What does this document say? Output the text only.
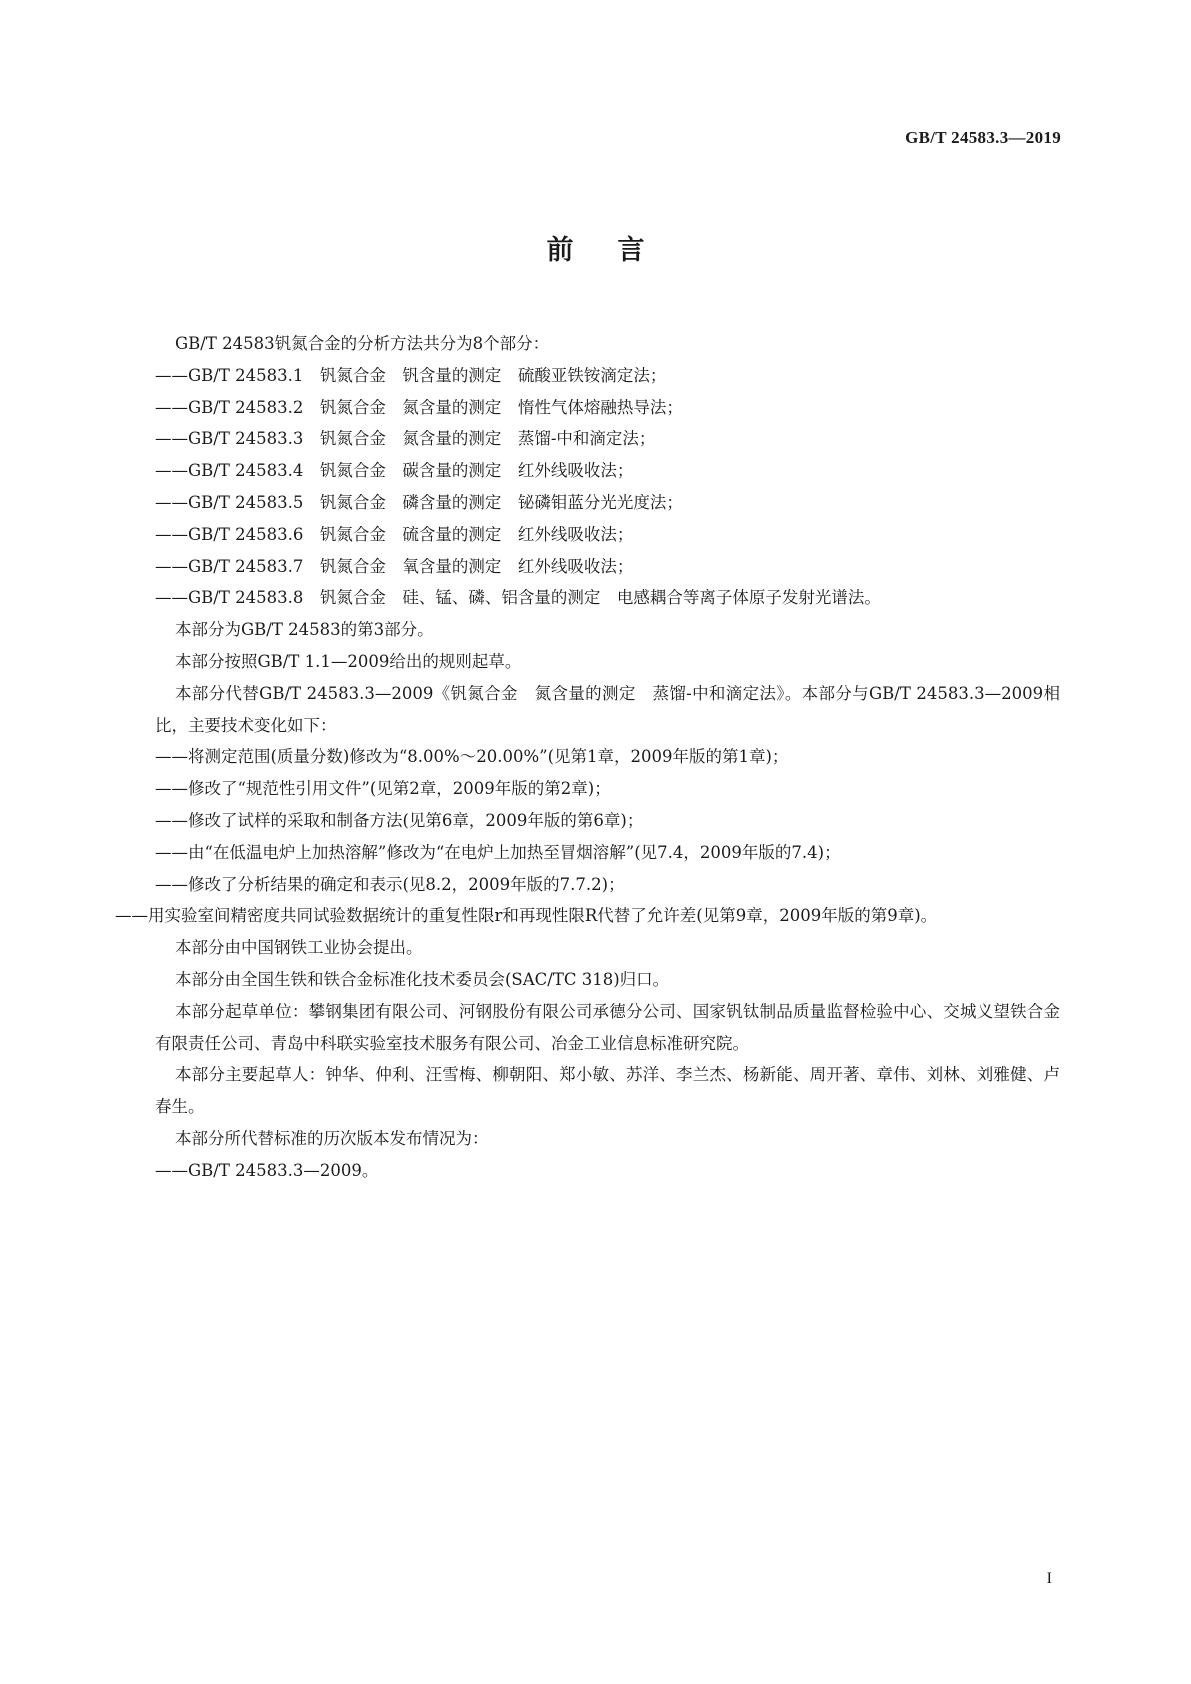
GB/T 24583.3—2019
前言

GB/T 24583钒氮合金的分析方法共分为8个部分：

——GB/T 24583.1　钒氮合金　钒含量的测定　硫酸亚铁铵滴定法；

——GB/T 24583.2　钒氮合金　氮含量的测定　惰性气体熔融热导法；

——GB/T 24583.3　钒氮合金　氮含量的测定　蒸馏-中和滴定法；

——GB/T 24583.4　钒氮合金　碳含量的测定　红外线吸收法；

——GB/T 24583.5　钒氮合金　磷含量的测定　铋磷钼蓝分光光度法；

——GB/T 24583.6　钒氮合金　硫含量的测定　红外线吸收法；

——GB/T 24583.7　钒氮合金　氧含量的测定　红外线吸收法；

——GB/T 24583.8　钒氮合金　硅、锰、磷、铝含量的测定　电感耦合等离子体原子发射光谱法。

本部分为GB/T 24583的第3部分。

本部分按照GB/T 1.1—2009给出的规则起草。

本部分代替GB/T 24583.3—2009《钒氮合金　氮含量的测定　蒸馏-中和滴定法》。本部分与GB/T 24583.3—2009相比，主要技术变化如下：

——将测定范围(质量分数)修改为“8.00%～20.00%”(见第1章，2009年版的第1章)；

——修改了“规范性引用文件”(见第2章，2009年版的第2章)；

——修改了试样的采取和制备方法(见第6章，2009年版的第6章)；

——由“在低温电炉上加热溶解”修改为“在电炉上加热至冒烟溶解”(见7.4，2009年版的7.4)；

——修改了分析结果的确定和表示(见8.2，2009年版的7.7.2)；

——用实验室间精密度共同试验数据统计的重复性限r和再现性限R代替了允许差(见第9章，2009年版的第9章)。

本部分由中国钢铁工业协会提出。

本部分由全国生铁和铁合金标准化技术委员会(SAC/TC 318)归口。

本部分起草单位：攀钢集团有限公司、河钢股份有限公司承德分公司、国家钒钛制品质量监督检验中心、交城义望铁合金有限责任公司、青岛中科联实验室技术服务有限公司、冶金工业信息标准研究院。

本部分主要起草人：钟华、仲利、汪雪梅、柳朝阳、郑小敏、苏洋、李兰杰、杨新能、周开著、章伟、刘林、刘雅健、卢春生。

本部分所代替标准的历次版本发布情况为：

——GB/T 24583.3—2009。

I
